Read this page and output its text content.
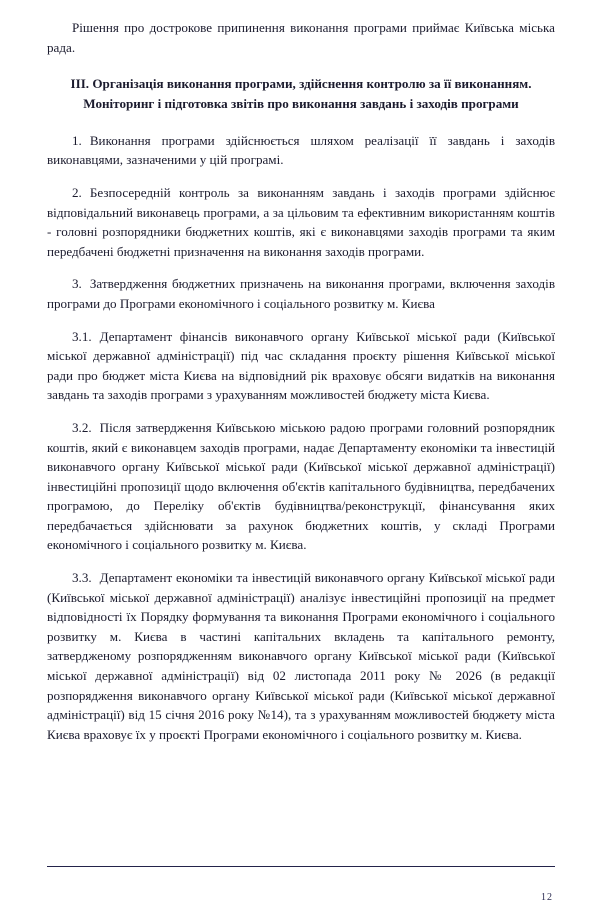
Рішення про дострокове припинення виконання програми приймає Київська міська рада.

III. Організація виконання програми, здійснення контролю за її виконанням. Моніторинг і підготовка звітів про виконання завдань і заходів програми

1. Виконання програми здійснюється шляхом реалізації її завдань і заходів виконавцями, зазначеними у цій програмі.

2. Безпосередній контроль за виконанням завдань і заходів програми здійснює відповідальний виконавець програми, а за цільовим та ефективним використанням коштів - головні розпорядники бюджетних коштів, які є виконавцями заходів програми та яким передбачені бюджетні призначення на виконання заходів програми.

3. Затвердження бюджетних призначень на виконання програми, включення заходів програми до Програми економічного і соціального розвитку м. Києва

3.1. Департамент фінансів виконавчого органу Київської міської ради (Київської міської державної адміністрації) під час складання проєкту рішення Київської міської ради про бюджет міста Києва на відповідний рік враховує обсяги видатків на виконання завдань та заходів програми з урахуванням можливостей бюджету міста Києва.

3.2. Після затвердження Київською міською радою програми головний розпорядник коштів, який є виконавцем заходів програми, надає Департаменту економіки та інвестицій виконавчого органу Київської міської ради (Київської міської державної адміністрації) інвестиційні пропозиції щодо включення об'єктів капітального будівництва, передбачених програмою, до Переліку об'єктів будівництва/реконструкції, фінансування яких передбачається здійснювати за рахунок бюджетних коштів, у складі Програми економічного і соціального розвитку м. Києва.

3.3. Департамент економіки та інвестицій виконавчого органу Київської міської ради (Київської міської державної адміністрації) аналізує інвестиційні пропозиції на предмет відповідності їх Порядку формування та виконання Програми економічного і соціального розвитку м. Києва в частині капітальних вкладень та капітального ремонту, затвердженому розпорядженням виконавчого органу Київської міської ради (Київської міської державної адміністрації) від 02 листопада 2011 року № 2026 (в редакції розпорядження виконавчого органу Київської міської ради (Київської міської державної адміністрації) від 15 січня 2016 року №14), та з урахуванням можливостей бюджету міста Києва враховує їх у проєкті Програми економічного і соціального розвитку м. Києва.

12
